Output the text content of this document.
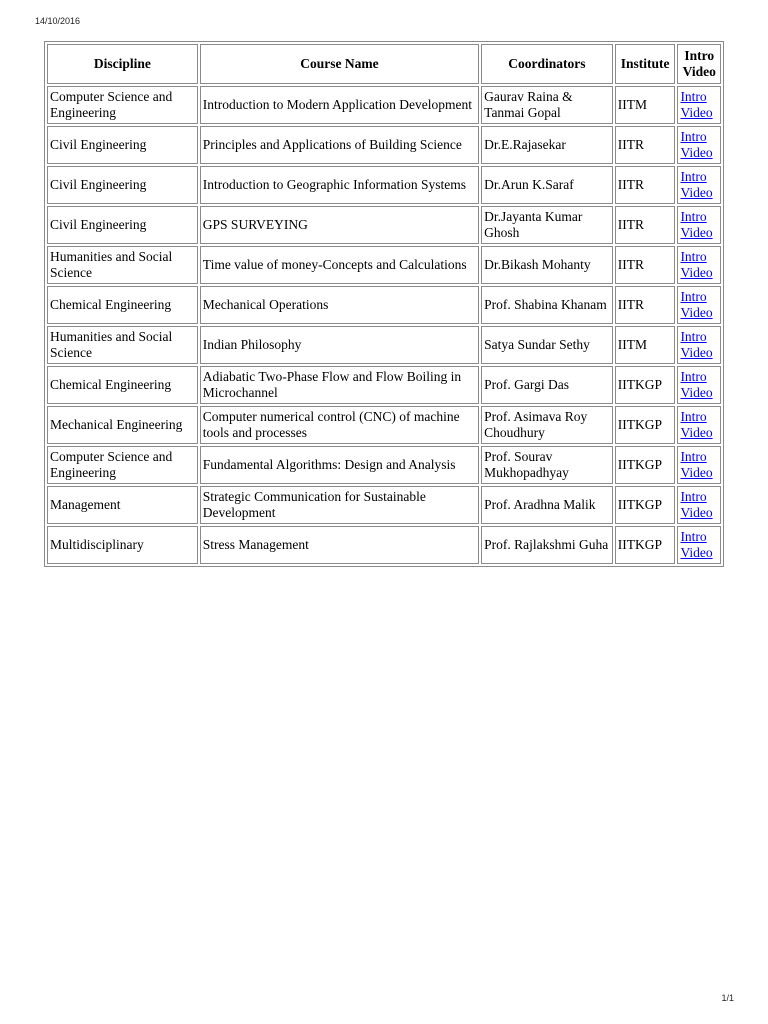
14/10/2016
Discipline	Course Name	Coordinators	Institute	Intro Video
Computer Science and Engineering	Introduction to Modern Application Development	Gaurav Raina & Tanmai Gopal	IITM	Intro Video
Civil Engineering	Principles and Applications of Building Science	Dr.E.Rajasekar	IITR	Intro Video
Civil Engineering	Introduction to Geographic Information Systems	Dr.Arun K.Saraf	IITR	Intro Video
Civil Engineering	GPS SURVEYING	Dr.Jayanta Kumar Ghosh	IITR	Intro Video
Humanities and Social Science	Time value of money-Concepts and Calculations	Dr.Bikash Mohanty	IITR	Intro Video
Chemical Engineering	Mechanical Operations	Prof. Shabina Khanam	IITR	Intro Video
Humanities and Social Science	Indian Philosophy	Satya Sundar Sethy	IITM	Intro Video
Chemical Engineering	Adiabatic Two-Phase Flow and Flow Boiling in Microchannel	Prof. Gargi Das	IITKGP	Intro Video
Mechanical Engineering	Computer numerical control (CNC) of machine tools and processes	Prof. Asimava Roy Choudhury	IITKGP	Intro Video
Computer Science and Engineering	Fundamental Algorithms: Design and Analysis	Prof. Sourav Mukhopadhyay	IITKGP	Intro Video
Management	Strategic Communication for Sustainable Development	Prof. Aradhna Malik	IITKGP	Intro Video
Multidisciplinary	Stress Management	Prof. Rajlakshmi Guha	IITKGP	Intro Video
1/1
